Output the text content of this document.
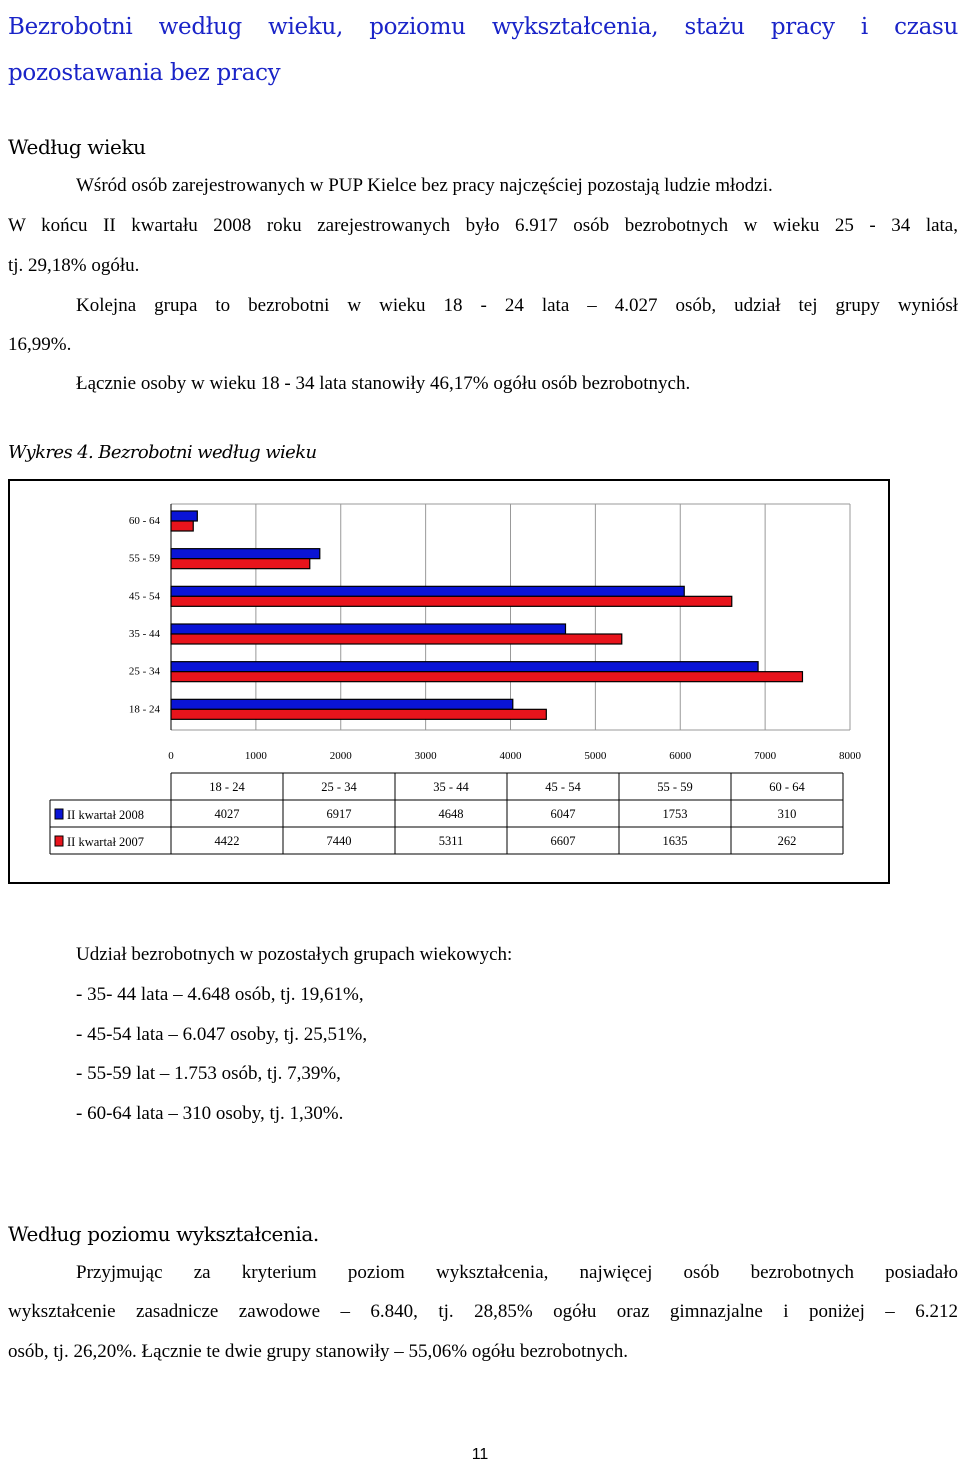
Bezrobotni według wieku, poziomu wykształcenia, stażu pracy i czasu pozostawania bez pracy
Według wieku
Wśród osób zarejestrowanych w PUP Kielce bez pracy najczęściej pozostają ludzie młodzi.
W końcu II kwartału 2008 roku zarejestrowanych było 6.917 osób bezrobotnych w wieku 25 - 34 lata,
tj. 29,18% ogółu.
Kolejna grupa to bezrobotni w wieku 18 - 24 lata – 4.027 osób, udział tej grupy wyniósł
16,99%.
Łącznie osoby w wieku 18 - 34 lata stanowiły 46,17% ogółu osób bezrobotnych.
Wykres 4. Bezrobotni według wieku
0	1000	2000	3000	4000	5000	6000	7000	8000
18 - 24
25 - 34
35 - 44
45 - 54
55 - 59
60 - 64
18 - 24	25 - 34	35 - 44	45 - 54	55 - 59	60 - 64
II kwartał 2008	4027	6917	4648	6047	1753	310
II kwartał 2007	4422	7440	5311	6607	1635	262
Udział bezrobotnych w pozostałych grupach wiekowych:
- 35- 44 lata – 4.648 osób, tj. 19,61%,
- 45-54 lata – 6.047 osoby, tj. 25,51%,
- 55-59 lat – 1.753 osób, tj. 7,39%,
- 60-64 lata – 310 osoby, tj. 1,30%.
Według poziomu wykształcenia.
Przyjmując za kryterium poziom wykształcenia, najwięcej osób bezrobotnych posiadało
wykształcenie zasadnicze zawodowe – 6.840, tj. 28,85% ogółu oraz gimnazjalne i poniżej – 6.212
osób, tj. 26,20%. Łącznie te dwie grupy stanowiły – 55,06% ogółu bezrobotnych.
11
